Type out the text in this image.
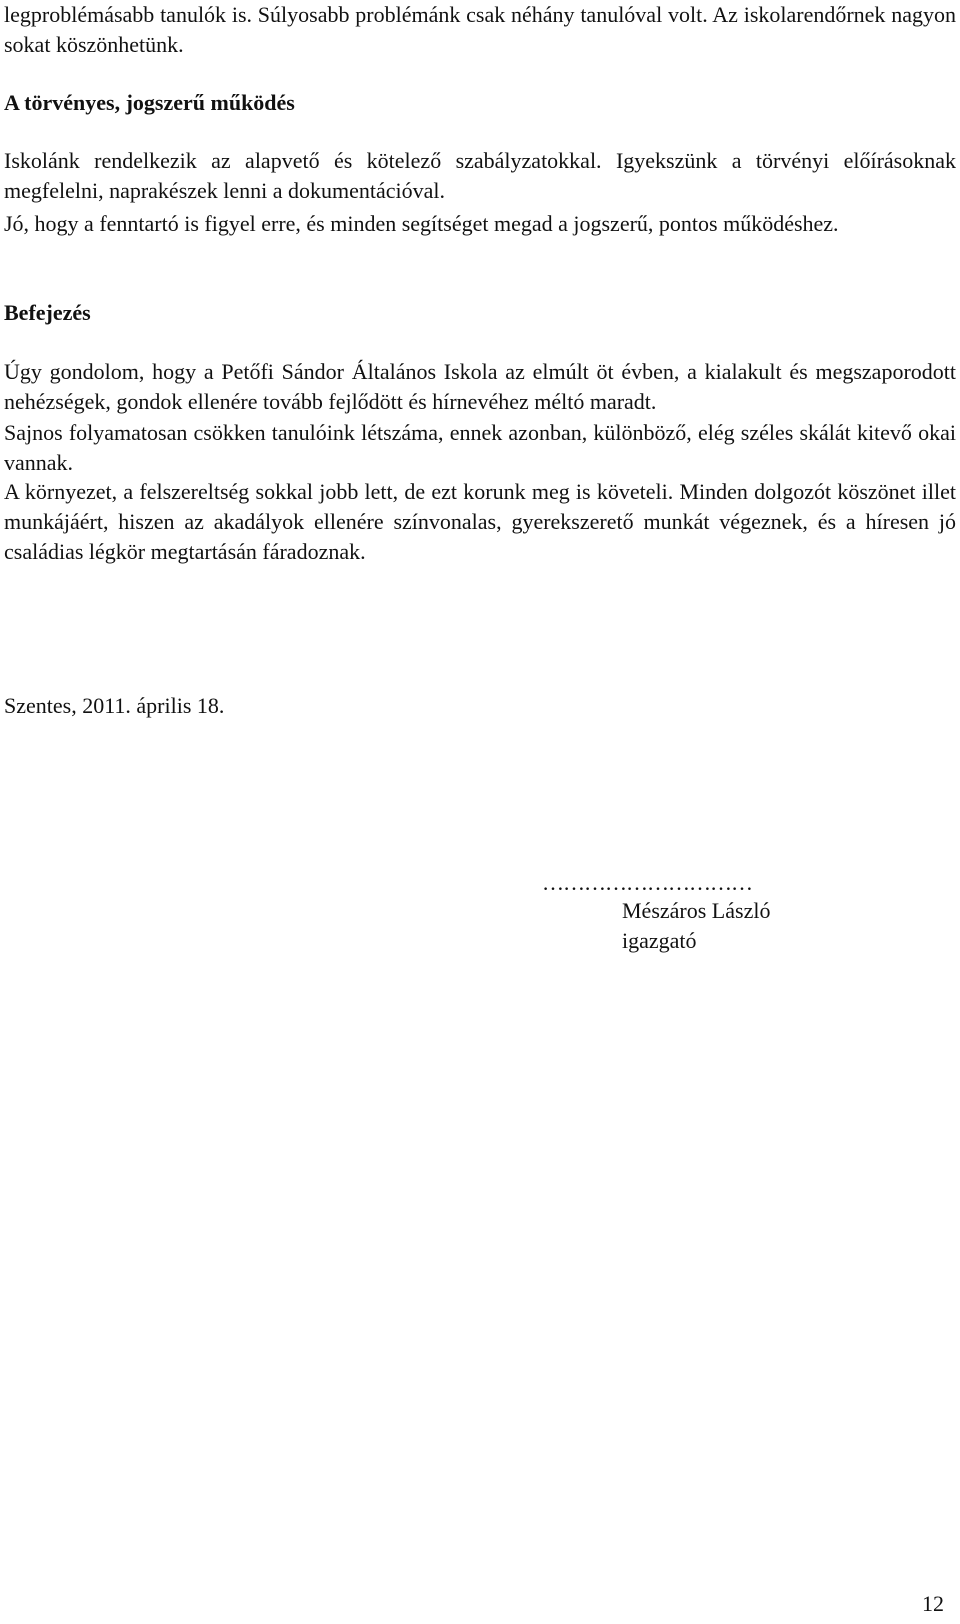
legproblémásabb tanulók is. Súlyosabb problémánk csak néhány tanulóval volt. Az iskolarendőrnek nagyon sokat köszönhetünk.

A törvényes, jogszerű működés

Iskolánk rendelkezik az alapvető és kötelező szabályzatokkal. Igyekszünk a törvényi előírásoknak megfelelni, naprakészek lenni a dokumentációval.

Jó, hogy a fenntartó is figyel erre, és minden segítséget megad a jogszerű, pontos működéshez.

Befejezés

Úgy gondolom, hogy a Petőfi Sándor Általános Iskola az elmúlt öt évben, a kialakult és megszaporodott nehézségek, gondok ellenére tovább fejlődött és hírnevéhez méltó maradt.

Sajnos folyamatosan csökken tanulóink létszáma, ennek azonban, különböző, elég széles skálát kitevő okai vannak.

A környezet, a felszereltség sokkal jobb lett, de ezt korunk meg is követeli. Minden dolgozót köszönet illet munkájáért, hiszen az akadályok ellenére színvonalas, gyerekszerető munkát végeznek, és a híresen jó családias légkör megtartásán fáradoznak.

Szentes, 2011. április 18.

…………………………
Mészáros László
igazgató
12
